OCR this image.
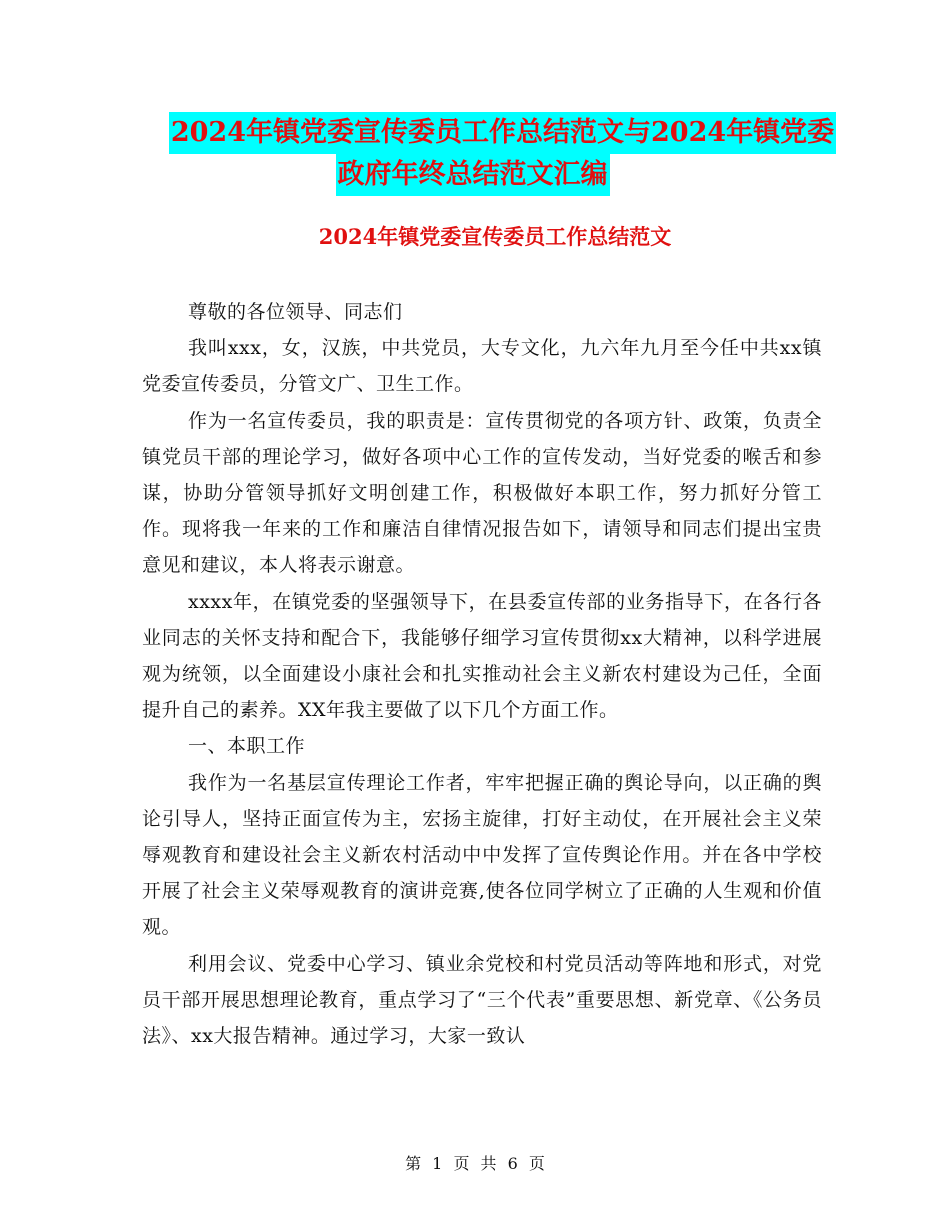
2024年镇党委宣传委员工作总结范文与2024年镇党委
政府年终总结范文汇编
2024年镇党委宣传委员工作总结范文

尊敬的各位领导、同志们

我叫xxx，女，汉族，中共党员，大专文化，九六年九月至今任中共xx镇党委宣传委员，分管文广、卫生工作。

作为一名宣传委员，我的职责是：宣传贯彻党的各项方针、政策，负责全镇党员干部的理论学习，做好各项中心工作的宣传发动，当好党委的喉舌和参谋，协助分管领导抓好文明创建工作，积极做好本职工作，努力抓好分管工作。现将我一年来的工作和廉洁自律情况报告如下，请领导和同志们提出宝贵意见和建议，本人将表示谢意。

xxxx年，在镇党委的坚强领导下，在县委宣传部的业务指导下，在各行各业同志的关怀支持和配合下，我能够仔细学习宣传贯彻xx大精神，以科学进展观为统领，以全面建设小康社会和扎实推动社会主义新农村建设为己任，全面提升自己的素养。XX年我主要做了以下几个方面工作。

一、本职工作

我作为一名基层宣传理论工作者，牢牢把握正确的舆论导向，以正确的舆论引导人，坚持正面宣传为主，宏扬主旋律，打好主动仗，在开展社会主义荣辱观教育和建设社会主义新农村活动中中发挥了宣传舆论作用。并在各中学校开展了社会主义荣辱观教育的演讲竞赛,使各位同学树立了正确的人生观和价值观。

利用会议、党委中心学习、镇业余党校和村党员活动等阵地和形式，对党员干部开展思想理论教育，重点学习了“三个代表”重要思想、新党章、《公务员法》、xx大报告精神。通过学习，大家一致认

第 1 页 共 6 页
